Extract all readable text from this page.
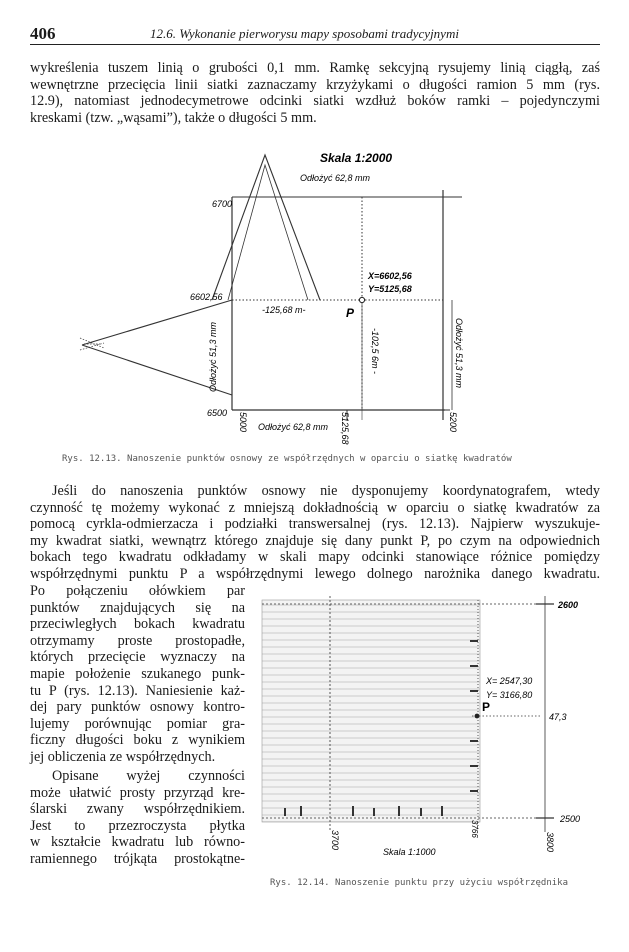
406	12.6. Wykonanie pierworysu mapy sposobami tradycyjnymi
wykreślenia tuszem linią o grubości 0,1 mm. Ramkę sekcyjną rysujemy linią ciągłą, zaś
wewnętrzne przecięcia linii siatki zaznaczamy krzyżykami o długości ramion 5 mm (rys.
12.9), natomiast jednodecymetrowe odcinki siatki wzdłuż boków ramki – pojedynczymi
kreskami (tzw. „wąsami”), także o długości 5 mm.
Skala 1:2000
Odłożyć 62,8 mm
6700
6602,56
6500
Odłożyć 62,8 mm
X=6602,56
Y=5125,68
-125,68 m-	P
-102,5 6m -
Odłożyć 51,3 mm	Odłożyć 51,3 mm
5000	5125,68	5200
Rys. 12.13. Nanoszenie punktów osnowy ze współrzędnych w oparciu o siatkę kwadratów
Jeśli do nanoszenia punktów osnowy nie dysponujemy koordynatografem, wtedy
czynność tę możemy wykonać z mniejszą dokładnością w oparciu o siatkę kwadratów za
pomocą cyrkla-odmierzacza i podziałki transwersalnej (rys. 12.13). Najpierw wyszukuje-
my kwadrat siatki, wewnątrz którego znajduje się dany punkt P, po czym na odpowiednich
bokach tego kwadratu odkładamy w skali mapy odcinki stanowiące różnice pomiędzy
współrzędnymi punktu P a współrzędnymi lewego dolnego narożnika danego kwadratu.
Po połączeniu ołówkiem par
punktów znajdujących się na
przeciwległych bokach kwadratu
otrzymamy proste prostopadłe,
których przecięcie wyznaczy na
mapie położenie szukanego punk-
tu P (rys. 12.13). Naniesienie każ-
dej pary punktów osnowy kontro-
lujemy porównując pomiar gra-
ficzny długości boku z wynikiem
jej obliczenia ze współrzędnych.
Opisane wyżej czynności
może ułatwić prosty przyrząd kre-
ślarski zwany współrzędnikiem.
Jest to przezroczysta płytka
w kształcie kwadratu lub równo-
ramiennego trójkąta prostokątne-
2600
X= 2547,30
Y= 3166,80
P
47,3
2500
3700
3766
3800
Skala 1:1000
Rys. 12.14. Nanoszenie punktu przy użyciu współrzędnika
